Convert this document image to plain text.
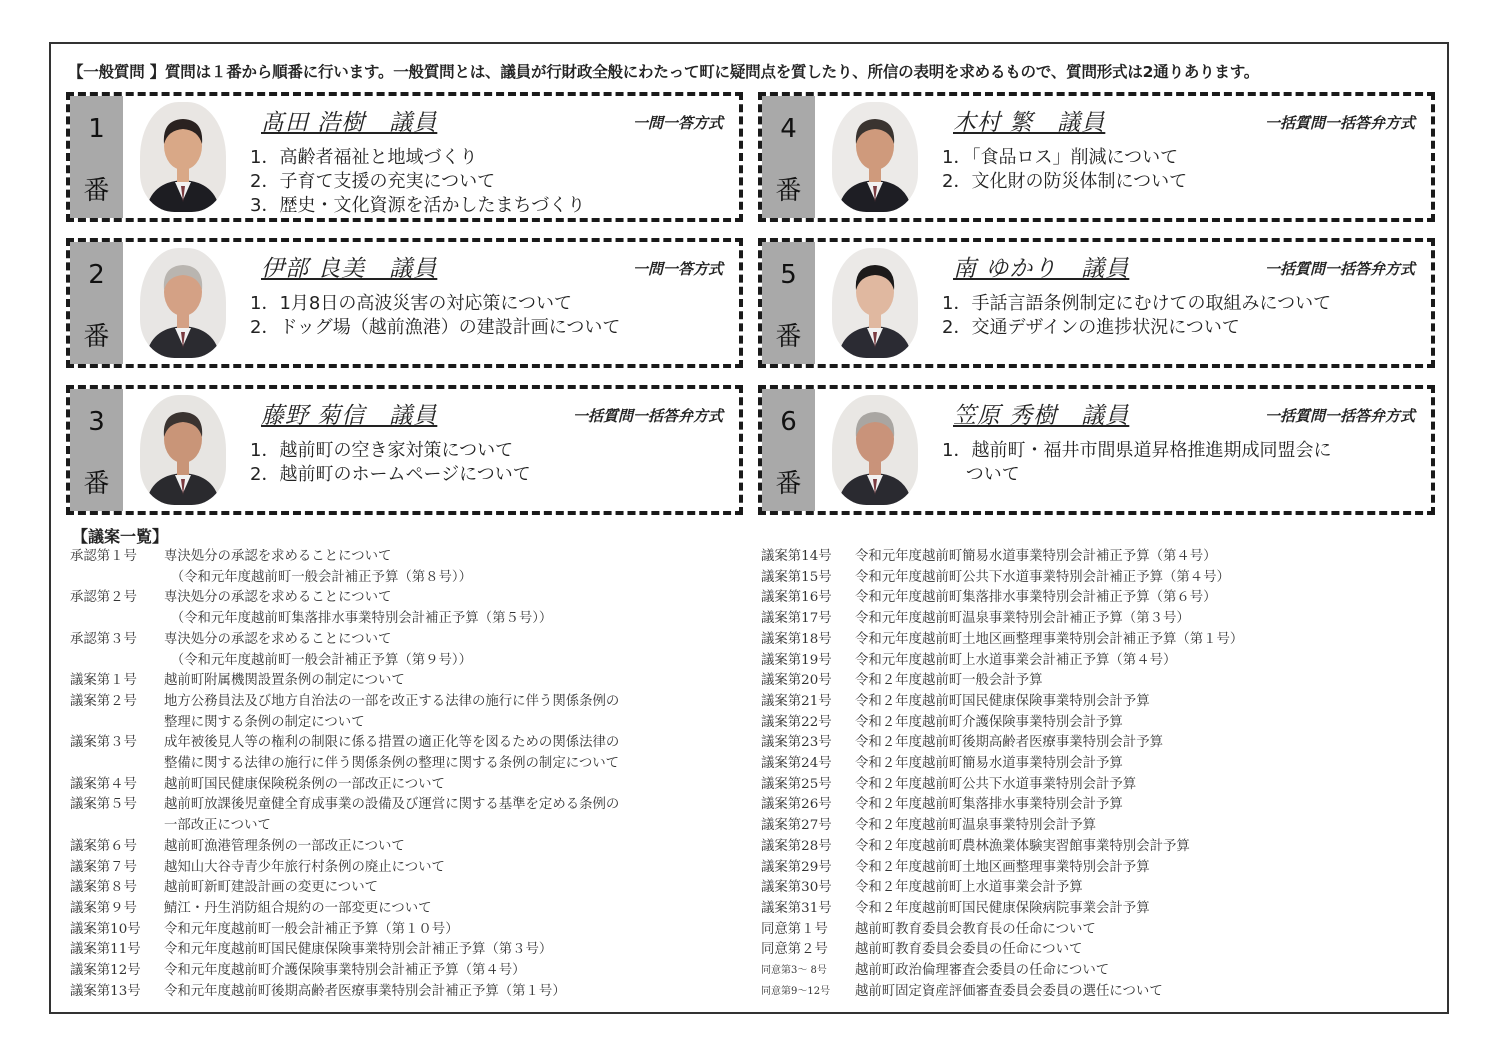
【一般質問 】質問は１番から順番に行います。一般質問とは、議員が行財政全般にわたって町に疑問点を質したり、所信の表明を求めるもので、質問形式は2通りあります。
1
番
髙田 浩樹　議員	一問一答方式
1．高齢者福祉と地域づくり
2．子育て支援の充実について
3．歴史・文化資源を活かしたまちづくり
2
番
伊部 良美　議員	一問一答方式
1．1月8日の高波災害の対応策について
2．ドッグ場（越前漁港）の建設計画について
3
番
藤野 菊信　議員	一括質問一括答弁方式
1．越前町の空き家対策について
2．越前町のホームページについて
4
番
木村 繁　議員	一括質問一括答弁方式
1．「食品ロス」削減について
2．文化財の防災体制について
5
番
南 ゆかり　議員	一括質問一括答弁方式
1．手話言語条例制定にむけての取組みについて
2．交通デザインの進捗状況について
6
番
笠原 秀樹　議員	一括質問一括答弁方式
1．越前町・福井市間県道昇格推進期成同盟会に
　 ついて
【議案一覧】
承認第１号	専決処分の承認を求めることについて
　（令和元年度越前町一般会計補正予算（第８号））
承認第２号	専決処分の承認を求めることについて
　（令和元年度越前町集落排水事業特別会計補正予算（第５号））
承認第３号	専決処分の承認を求めることについて
　（令和元年度越前町一般会計補正予算（第９号））
議案第１号	越前町附属機関設置条例の制定について
議案第２号	地方公務員法及び地方自治法の一部を改正する法律の施行に伴う関係条例の
整理に関する条例の制定について
議案第３号	成年被後見人等の権利の制限に係る措置の適正化等を図るための関係法律の
整備に関する法律の施行に伴う関係条例の整理に関する条例の制定について
議案第４号	越前町国民健康保険税条例の一部改正について
議案第５号	越前町放課後児童健全育成事業の設備及び運営に関する基準を定める条例の
一部改正について
議案第６号	越前町漁港管理条例の一部改正について
議案第７号	越知山大谷寺青少年旅行村条例の廃止について
議案第８号	越前町新町建設計画の変更について
議案第９号	鯖江・丹生消防組合規約の一部変更について
議案第10号	令和元年度越前町一般会計補正予算（第１０号）
議案第11号	令和元年度越前町国民健康保険事業特別会計補正予算（第３号）
議案第12号	令和元年度越前町介護保険事業特別会計補正予算（第４号）
議案第13号	令和元年度越前町後期高齢者医療事業特別会計補正予算（第１号）
議案第14号	令和元年度越前町簡易水道事業特別会計補正予算（第４号）
議案第15号	令和元年度越前町公共下水道事業特別会計補正予算（第４号）
議案第16号	令和元年度越前町集落排水事業特別会計補正予算（第６号）
議案第17号	令和元年度越前町温泉事業特別会計補正予算（第３号）
議案第18号	令和元年度越前町土地区画整理事業特別会計補正予算（第１号）
議案第19号	令和元年度越前町上水道事業会計補正予算（第４号）
議案第20号	令和２年度越前町一般会計予算
議案第21号	令和２年度越前町国民健康保険事業特別会計予算
議案第22号	令和２年度越前町介護保険事業特別会計予算
議案第23号	令和２年度越前町後期高齢者医療事業特別会計予算
議案第24号	令和２年度越前町簡易水道事業特別会計予算
議案第25号	令和２年度越前町公共下水道事業特別会計予算
議案第26号	令和２年度越前町集落排水事業特別会計予算
議案第27号	令和２年度越前町温泉事業特別会計予算
議案第28号	令和２年度越前町農林漁業体験実習館事業特別会計予算
議案第29号	令和２年度越前町土地区画整理事業特別会計予算
議案第30号	令和２年度越前町上水道事業会計予算
議案第31号	令和２年度越前町国民健康保険病院事業会計予算
同意第１号	越前町教育委員会教育長の任命について
同意第２号	越前町教育委員会委員の任命について
同意第3～ 8号	越前町政治倫理審査会委員の任命について
同意第9～12号	越前町固定資産評価審査委員会委員の選任について
